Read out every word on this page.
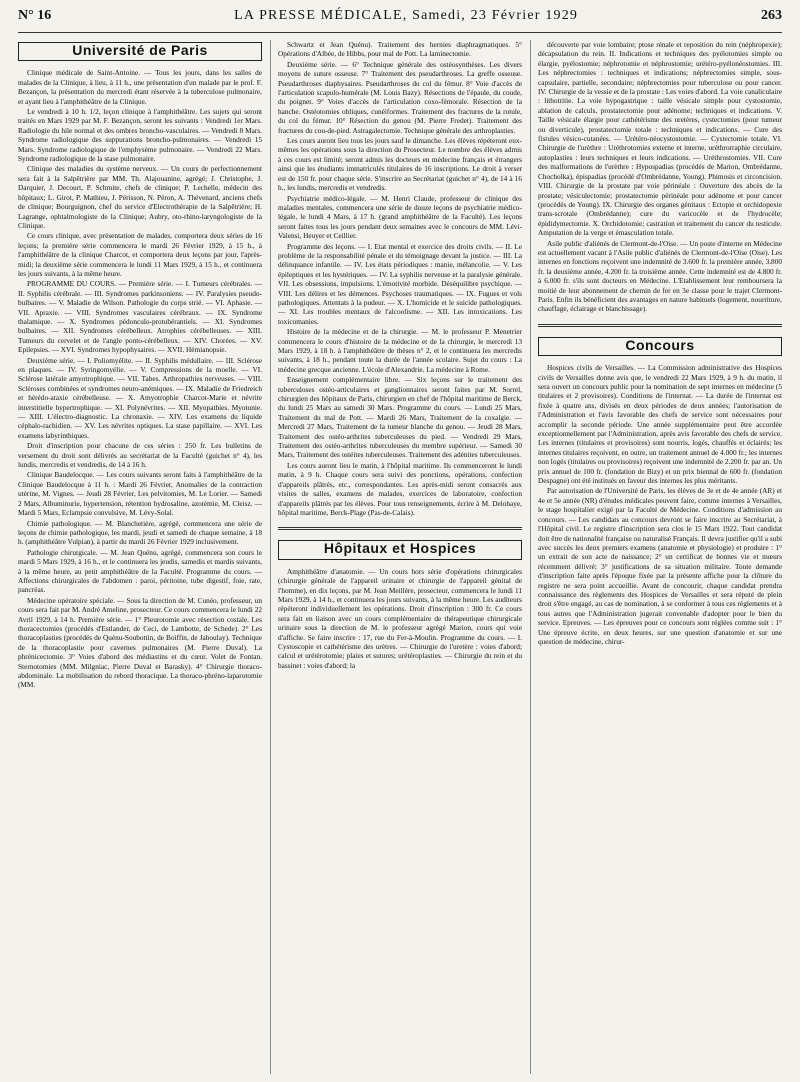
N° 16	LA PRESSE MÉDICALE, Samedi, 23 Février 1929	263
Université de Paris

Clinique médicale de Saint-Antoine. — Tous les jours, dans les salles de malades de la Clinique, à lieu, à 11 h., une présentation d'un malade par le prof. F. Bezançon, la présentation du mercredi étant réservée à la tuberculose pulmonaire, et ayant lieu à l'amphithéâtre de la Clinique.

Le vendredi à 10 h. 1/2, leçon clinique à l'amphithéâtre. Les sujets qui seront traités en Mars 1929 par M. F. Bezançon, seront les suivants : Vendredi 1er Mars. Radiologie du hile normal et des ombres broncho-vasculaires. — Vendredi 8 Mars. Syndrome radiologique des suppurations broncho-pulmonaires. — Vendredi 15 Mars. Syndrome radiologique de l'emphysème pulmonaire. — Vendredi 22 Mars. Syndrome radiologique de la stase pulmonaire.

Clinique des maladies du système nerveux. — Un cours de perfectionnement sera fait à la Salpêtrière par MM. Th. Alajouanine, agrégé; J. Christophe, J. Darquier, J. Decourt, P. Schmite, chefs de clinique; P. Lechelle, médecin des hôpitaux; L. Girot, P. Mathieu, J. Périsson, N. Péron, A. Thévenard, anciens chefs de clinique; Bourguignon, chef du service d'Electrothérapie de la Salpêtrière; H. Lagrange, ophtalmologiste de la Clinique; Aubry, oto-rhino-laryngologiste de la Clinique.

Ce cours clinique, avec présentation de malades, comportera deux séries de 16 leçons; la première série commencera le mardi 26 Février 1929, à 15 h., à l'amphithéâtre de la clinique Charcot, et comportera deux leçons par jour, l'après-midi; la deuxième série commencera le lundi 11 Mars 1929, à 15 h., et continuera les jours suivants, à la même heure.

PROGRAMME DU COURS. — Première série. — I. Tumeurs cérébrales. — II. Syphilis cérébrale. — III. Syndromes parkinsoniens. — IV. Paralysies pseudo-bulbaires. — V. Maladie de Wilson. Pathologie du corps strié. — VI. Aphasie. — VII. Apraxie. — VIII. Syndromes vasculaires cérébraux. — IX. Syndrome thalamique. — X. Syndromes pédonculo-protubérantiels. — XI. Syndromes bulbaires. — XII. Syndromes cérébelleux. Atrophies cérébelleuses. — XIII. Tumeurs du cervelet et de l'angle ponto-cérébelleux. — XIV. Chorées. — XV. Epilepsies. — XVI. Syndromes hypophysaires. — XVII. Hémianopsie.

Deuxième série. — I. Poliomyélite. — II. Syphilis médullaire. — III. Sclérose en plaques. — IV. Syringomyélie. — V. Compressions de la moelle. — VI. Sclérose latérale amyotrophique. — VII. Tabes. Arthropathies nerveuses. — VIII. Scléroses combinées et syndromes neuro-anémiques. — IX. Maladie de Friedreich et hérédo-ataxie cérébelleuse. — X. Amyotrophie Charcot-Marie et névrite interstitielle hypertrophique. — XI. Polynévrites. — XII. Myopathies. Myotonie. — XIII. L'électro-diagnostic. La chronaxie. — XIV. Les examens du liquide céphalo-rachidien. — XV. Les névrites optiques. La stase papillaire. — XVI. Les examens labyrinthiques.

Droit d'inscription pour chacune de ces séries : 250 fr. Les bulletins de versement du droit sont délivrés au secrétariat de la Faculté (guichet n° 4), les lundis, mercredis et vendredis, de 14 à 16 h.

Clinique Baudelocque. — Les cours suivants seront faits à l'amphithéâtre de la Clinique Baudelocque à 11 h. : Mardi 26 Février, Anomalies de la contraction utérine, M. Vignes. — Jeudi 28 Février, Les pelvitomies, M. Le Lorier. — Samedi 2 Mars, Albuminurie, hypertension, rétention hydrosaline, azotémie, M. Cleisz. — Mardi 5 Mars, Eclampsie convulsive, M. Lévy-Solal.

Chimie pathologique. — M. Blanchetière, agrégé, commencera une série de leçons de chimie pathologique, les mardi, jeudi et samedi de chaque semaine, à 18 h. (amphithéâtre Vulpian), à partir du mardi 26 Février 1929 inclusivement.

Pathologie chirurgicale. — M. Jean Quénu, agrégé, commencera son cours le mardi 5 Mars 1929, à 16 h., et le continuera les jeudis, samedis et mardis suivants, à la même heure, au petit amphithéâtre de la Faculté. Programme du cours. — Affections chirurgicales de l'abdomen : paroi, péritoine, tube digestif, foie, rate, pancréas.

Médecine opératoire spéciale. — Sous la direction de M. Cunéo, professeur, un cours sera fait par M. André Ameline, prosecteur. Ce cours commencera le lundi 22 Avril 1929, à 14 h. Première série. — 1° Pleurotomie avec résection costale. Les thoracectomies (procédés d'Estlander, de Ceci, de Lambotte, de Schede). 2° Les thoracoplasties (procédés de Quénu-Soubottin, de Boiffin, de Jaboulay). Technique de la thoracoplastie pour cavernes pulmonaires (M. Pierre Duval). La phrénicectomie. 3° Voies d'abord des médiastins et du cœur. Volet de Fontan. Sternotomies (MM. Milgniac, Pierre Duval et Barasky). 4° Chirurgie thoraco-abdominale. La mobilisation du rebord thoracique. La thoraco-phréno-laparotomie (MM.

Schwartz et Jean Quénu). Traitement des hernies diaphragmatiques. 5° Opérations d'Albée, de Hibbs, pour mal de Pott. La laminectomie.

Deuxième série. — 6° Technique générale des ostéosynthèses. Les divers moyens de suture osseuse. 7° Traitement des pseudarthroses. La greffe osseuse. Pseudarthroses diaphysaires. Pseudarthroses du col du fémur. 8° Voie d'accès de l'articulation scapulo-humérale (M. Louis Bazy). Résections de l'épaule, du coude, du poignet. 9° Voies d'accès de l'articulation coxo-fémorale. Résection de la hanche. Ostéotomies obliques, cunéiformes. Traitement des fractures de la rotule, du col du fémur. 10° Résection du genou (M. Pierre Fredet). Traitement des fractures du cou-de-pied. Astragalectomie. Technique générale des arthroplasties.

Les cours auront lieu tous les jours sauf le dimanche. Les élèves répéteront eux-mêmes les opérations sous la direction du Prosecteur. Le nombre des élèves admis à ces cours est limité; seront admis les docteurs en médecine français et étrangers ainsi que les étudiants immatriculés titulaires de 16 inscriptions. Le droit à verser est de 150 fr. pour chaque série. S'inscrire au Secrétariat (guichet n° 4), de 14 à 16 h., les lundis, mercredis et vendredis.

Psychiatrie médico-légale. — M. Henri Claude, professeur de clinique des maladies mentales, commencera une série de douze leçons de psychiatrie médico-légale, le lundi 4 Mars, à 17 h. (grand amphithéâtre de la Faculté). Les leçons seront faites tous les jours pendant deux semaines avec le concours de MM. Lévi-Valensi, Heuyer et Ceillier.

Programme des leçons. — I. Etat mental et exercice des droits civils. — II. Le problème de la responsabilité pénale et du témoignage devant la justice. — III. La délinquance infantile. — IV. Les états périodiques : manie, mélancolie. — V. Les épileptiques et les hystériques. — IV. La syphilis nerveuse et la paralysie générale. VII. Les obsessions, impulsions. L'émotivité morbide. Déséquilibre psychique. — VIII. Les délires et les démences. Psychoses traumatiques. — IX. Fugues et vols pathologiques. Attentats à la pudeur. — X. L'homicide et le suicide pathologiques. — XI. Les troubles mentaux de l'alcoolisme. — XII. Les intoxications. Les toxicomanies.

Histoire de la médecine et de la chirurgie. — M. le professeur P. Menetrier commencera le cours d'histoire de la médecine et de la chirurgie, le mercredi 13 Mars 1929, à 18 h. à l'amphithéâtre de thèses n° 2, et le continuera les mercredis suivants, à 18 h., pendant toute la durée de l'année scolaire. Sujet du cours : La médecine grecque ancienne. L'école d'Alexandrie. La médecine à Rome.

Enseignement complémentaire libre. — Six leçons sur le traitement des tuberculoses ostéo-articulaires et ganglionnaires seront faites par M. Sorrel, chirurgien des hôpitaux de Paris, chirurgien en chef de l'hôpital maritime de Berck, du lundi 25 Mars au samedi 30 Mars. Programme du cours. — Lundi 25 Mars, Traitement du mal de Pott. — Mardi 26 Mars, Traitement de la coxalgie. — Mercredi 27 Mars, Traitement de la tumeur blanche du genou. — Jeudi 28 Mars, Traitement des ostéo-arthrites tuberculeuses du pied. — Vendredi 29 Mars, Traitement des ostéo-arthrites tuberculeuses du membre supérieur. — Samedi 30 Mars, Traitement des ostéites tuberculeuses. Traitement des adénites tuberculeuses.

Les cours auront lieu le matin, à l'hôpital maritime. Ils commenceront le lundi matin, à 9 h. Chaque cours sera suivi des ponctions, opérations, confection d'appareils plâtrés, etc., correspondantes. Les après-midi seront consacrés aux visites de salles, examens de malades, exercices de laboratoire, confection d'appareils plâtrés par les élèves. Pour tous renseignements, écrire à M. Delohaye, hôpital maritime, Berck-Plage (Pas-de-Calais).

Hôpitaux et Hospices

Amphithéâtre d'anatomie. — Un cours hors série d'opérations chirurgicales (chirurgie générale de l'appareil urinaire et chirurgie de l'appareil génital de l'homme), en dix leçons, par M. Jean Meillère, prosecteur, commencera le lundi 11 Mars 1929, à 14 h., et continuera les jours suivants, à la même heure. Les auditeurs répéteront individuellement les opérations. Droit d'inscription : 300 fr. Ce cours sera fait en liaison avec un cours complémentaire de thérapeutique chirurgicale urinaire sous la direction de M. le professeur agrégé Marion, cours qui voie d'affiche. Se faire inscrire : 17, rue du Fer-à-Moulin. Programme du cours. — I. Cystoscopie et cathétérisme des urètres. — Chirurgie de l'uretère : voies d'abord; calcul et urétérotomie; plaies et sutures; urétéroplasties. — Chirurgie du rein et du bassinet : voies d'abord; la

découverte par voie lombaire; ptose rénale et reposition du rein (néphropexie); décapsulation du rein. II. Indications et techniques des pyélotomies simple ou élargie, pyélostomie; néphrotomie et néphrostomie; urétéro-pyélonéostomies. III. Les néphrectomies : techniques et indications; néphrectomies simple, sous-capsulaire, partielle, secondaire; néphrectomies pour tuberculose ou pour cancer. IV. Chirurgie de la vessie et de la prostate : Les voies d'abord. La voie canaliculaire : lithotritie. La voie hypogastrique : taille vésicale simple pour cystostomie, ablation de calculs, prostatectomie pour adénome; techniques et indications. V. Taille vésicale élargie pour cathétérisme des uretères, cystectomies (pour tumeur ou diverticule), prostatectomie totale : techniques et indications. — Cure des fistules vésico-cutanées. — Urétéro-néocystostomie. — Cystectomie totale. VI. Chirurgie de l'urèthre : Uréthrotomies externe et interne, uréthrorraphie circulaire, autoplasties : leurs techniques et leurs indications. — Uréthrostomies. VII. Cure des malformations de l'urèthre : Hypospadias (procédés de Marion, Ombrédanne, Chocholka), épispadias (procédé d'Ombrédanne, Young). Phimosis et circoncision. VIII. Chirurgie de la prostate par voie périnéale : Ouverture des abcès de la prostate; vésiculectomie; prostatectomie périnéale pour adénome et pour cancer (procédés de Young). IX. Chirurgie des organes génitaux : Ectopie et orchidopexie trans-scrotale (Ombrédanne); cure du varicocèle et de l'hydrocèle; épididymectomie. X. Orchidotomie; castration et traitement du cancer du testicule. Amputation de la verge et émasculation totale.

Asile public d'aliénés de Clermont-de-l'Oise. — Un poste d'interne en Médecine est actuellement vacant à l'Asile public d'aliénés de Clermont-de-l'Oise (Oise). Les internes en fonctions reçoivent une indemnité de 3.600 fr. la première année, 3.800 fr. la deuxième année, 4.200 fr. la troisième année. Cette indemnité est de 4.800 fr. à 6.000 fr. s'ils sont docteurs en Médecine. L'Etablissement leur remboursera la moitié de leur abonnement de chemin de fer en 3e classe pour le trajet Clermont-Paris. Enfin ils bénéficient des avantages en nature habituels (logement, nourriture, chauffage, éclairage et blanchissage).

Concours

Hospices civils de Versailles. — La Commission administrative des Hospices civils de Versailles donne avis que, le vendredi 22 Mars 1929, à 9 h. du matin, il sera ouvert un concours public pour la nomination de sept internes en médecine (5 titulaires et 2 provisoires). Conditions de l'internat. — La durée de l'internat est fixée à quatre ans, divisés en deux périodes de deux années; l'autorisation de l'Administration et l'avis favorable des chefs de service sont nécessaires pour accomplir la seconde période. Une année supplémentaire peut être accordée exceptionnellement par l'Administration, après avis favorable des chefs de service. Les internes (titulaires et provisoires) sont nourris, logés, chauffés et éclairés; les internes titulaires reçoivent, en outre, un traitement annuel de 4.000 fr.; les internes non logés (titulaires ou provisoires) reçoivent une indemnité de 2.200 fr. par an. Un prix annuel de 100 fr. (fondation de Bizy) et un prix biennal de 600 fr. (fondation Despagne) ont été institués en faveur des internes les plus méritants.

Par autorisation de l'Université de Paris, les élèves de 3e et de 4e année (AR) et 4e et 5e année (NR) d'études médicales peuvent faire, comme internes à Versailles, le stage hospitalier exigé par la Faculté de Médecine. Conditions d'admission au concours. — Les candidats au concours devront se faire inscrire au Secrétariat, à l'Hôpital civil. Le registre d'inscription sera clos le 15 Mars 1922. Tout candidat doit être de nationalité française ou naturalisé Français. Il devra justifier qu'il a subi avec succès les deux premiers examens (anatomie et physiologie) et produire : 1° un extrait de son acte de naissance; 2° un certificat de bonnes vie et mœurs récemment délivré; 3° justifications de sa situation militaire. Toute demande d'inscription faite après l'époque fixée par la présente affiche pour la clôture du registre ne sera point accueillie. Avant de concourir, chaque candidat prendra connaissance des règlements des Hospices de Versailles et sera réputé de plein droit s'être engagé, au cas de nomination, à se conformer à tous ces règlements et à tous autres que l'Administration jugerait convenable d'adopter pour le bien du service. Epreuves. — Les épreuves pour ce concours sont réglées comme suit : 1° Une épreuve écrite, en deux heures, sur une question d'anatomie et sur une question de médecine, chirur-
